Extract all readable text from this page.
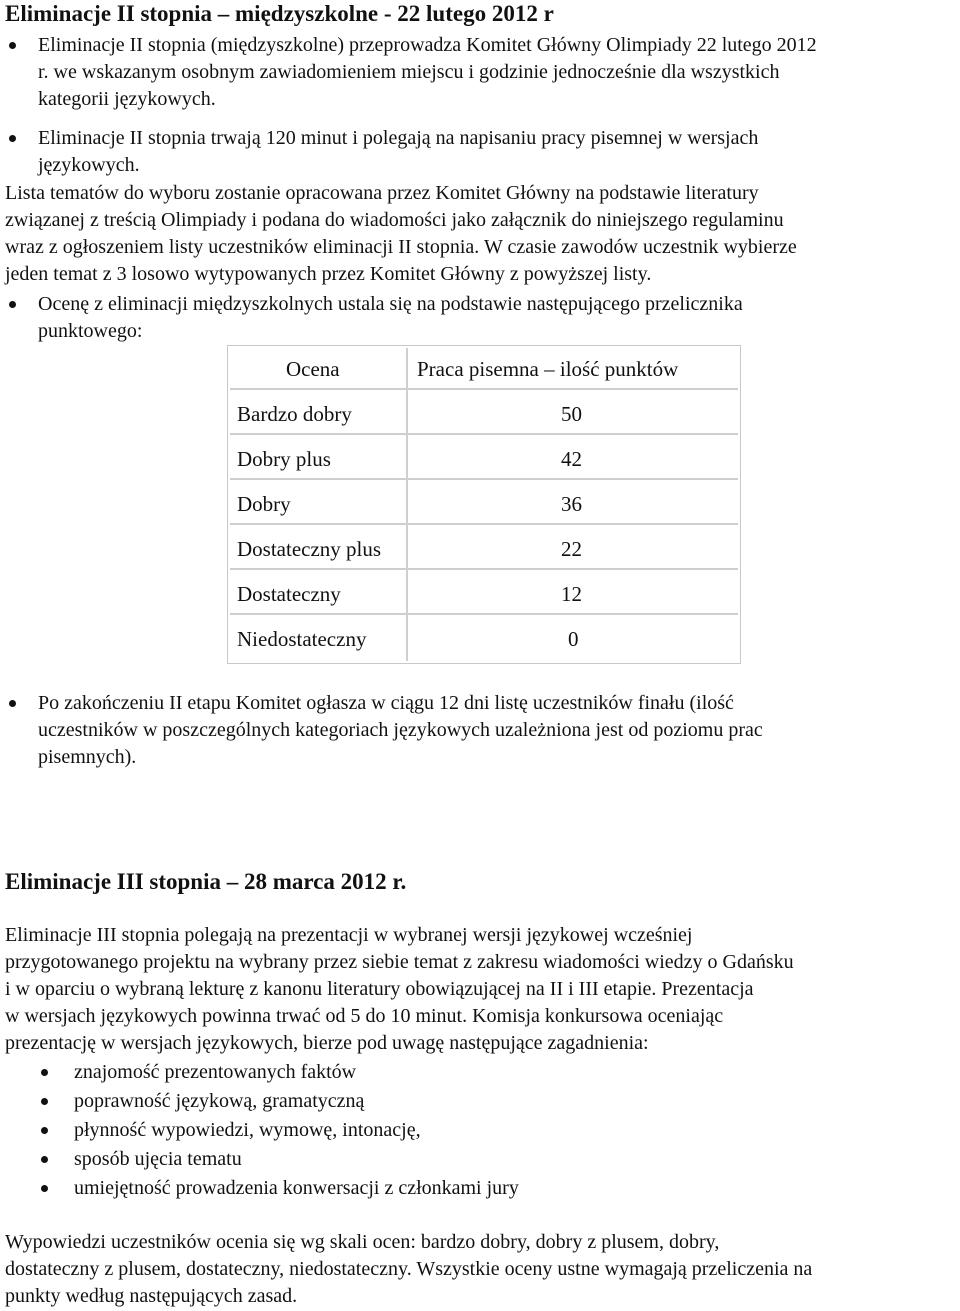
Eliminacje II stopnia – międzyszkolne - 22 lutego 2012 r
Eliminacje II stopnia (międzyszkolne) przeprowadza Komitet Główny Olimpiady 22 lutego 2012
r. we wskazanym osobnym zawiadomieniem miejscu i godzinie jednocześnie dla wszystkich
kategorii językowych.
Eliminacje II stopnia trwają 120 minut i polegają na napisaniu pracy pisemnej w wersjach
językowych.
Lista tematów do wyboru zostanie opracowana przez Komitet Główny na podstawie literatury
związanej z treścią Olimpiady i podana do wiadomości jako załącznik do niniejszego regulaminu
wraz z ogłoszeniem listy uczestników eliminacji II stopnia. W czasie zawodów uczestnik wybierze
jeden temat z 3 losowo wytypowanych przez Komitet Główny z powyższej listy.
Ocenę z eliminacji międzyszkolnych ustala się na podstawie następującego przelicznika
punktowego:
Ocena	Praca pisemna – ilość punktów
Bardzo dobry	50
Dobry plus	42
Dobry	36
Dostateczny plus	22
Dostateczny	12
Niedostateczny	0
Po zakończeniu II etapu Komitet ogłasza w ciągu 12 dni listę uczestników finału (ilość
uczestników w poszczególnych kategoriach językowych uzależniona jest od poziomu prac
pisemnych).
Eliminacje III stopnia – 28 marca 2012 r.
Eliminacje III stopnia polegają na prezentacji w wybranej wersji językowej wcześniej
przygotowanego projektu na wybrany przez siebie temat z zakresu wiadomości wiedzy o Gdańsku
i w oparciu o wybraną lekturę z kanonu literatury obowiązującej na II i III etapie. Prezentacja
w wersjach językowych powinna trwać od 5 do 10 minut. Komisja konkursowa oceniając
prezentację w wersjach językowych, bierze pod uwagę następujące zagadnienia:
znajomość prezentowanych faktów
poprawność językową, gramatyczną
płynność wypowiedzi, wymowę, intonację,
sposób ujęcia tematu
umiejętność prowadzenia konwersacji z członkami jury
Wypowiedzi uczestników ocenia się wg skali ocen: bardzo dobry, dobry z plusem, dobry,
dostateczny z plusem, dostateczny, niedostateczny. Wszystkie oceny ustne wymagają przeliczenia na
punkty według następujących zasad.
